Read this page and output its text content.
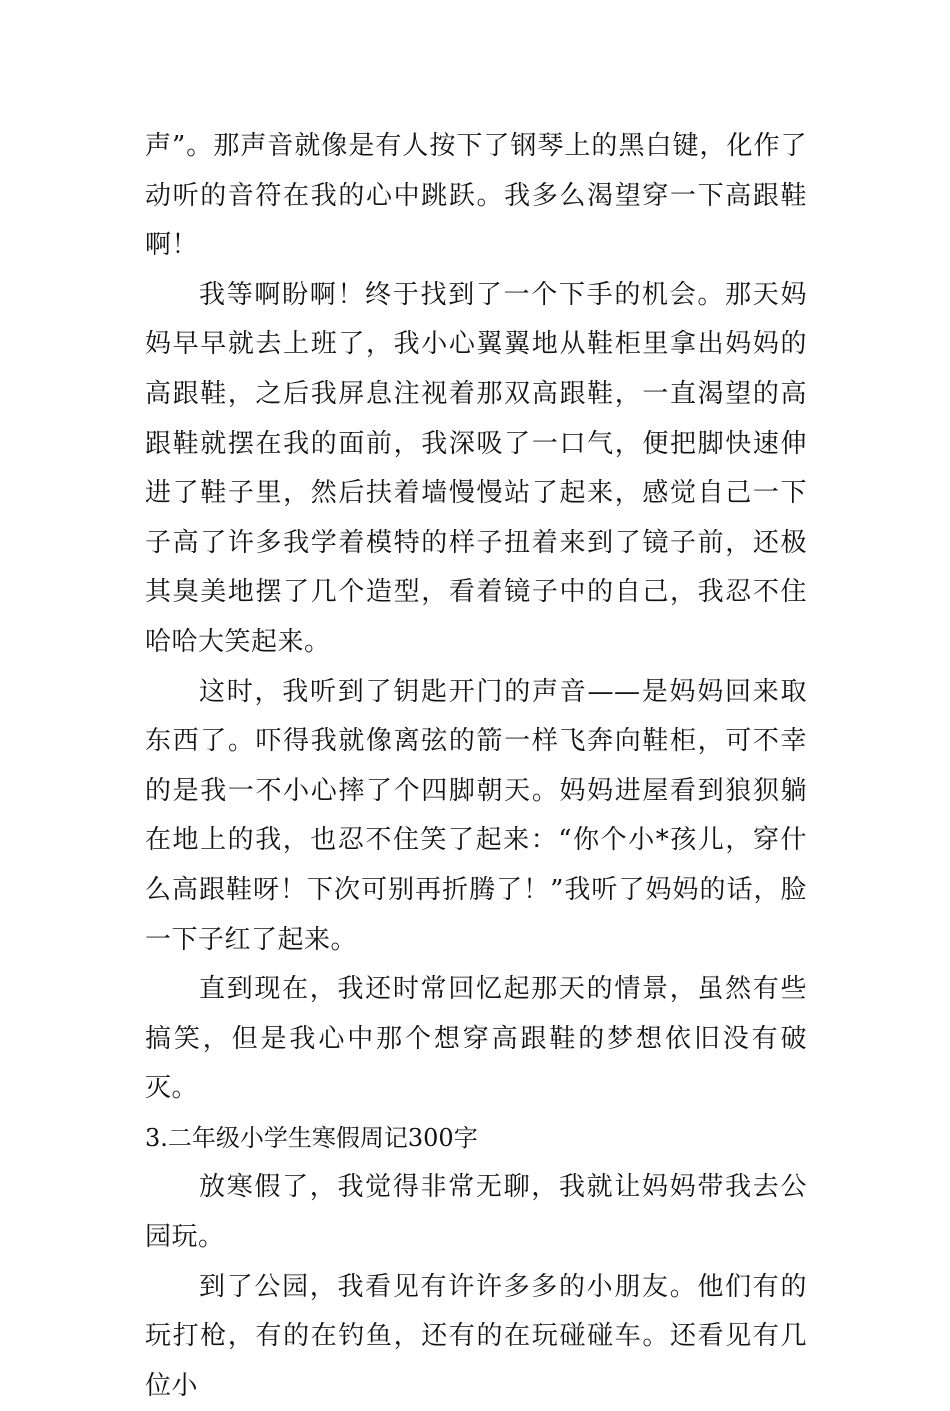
声”。那声音就像是有人按下了钢琴上的黑白键，化作了动听的音符在我的心中跳跃。我多么渴望穿一下高跟鞋啊！

我等啊盼啊！终于找到了一个下手的机会。那天妈妈早早就去上班了，我小心翼翼地从鞋柜里拿出妈妈的高跟鞋，之后我屏息注视着那双高跟鞋，一直渴望的高跟鞋就摆在我的面前，我深吸了一口气，便把脚快速伸进了鞋子里，然后扶着墙慢慢站了起来，感觉自己一下子高了许多我学着模特的样子扭着来到了镜子前，还极其臭美地摆了几个造型，看着镜子中的自己，我忍不住哈哈大笑起来。

这时，我听到了钥匙开门的声音——是妈妈回来取东西了。吓得我就像离弦的箭一样飞奔向鞋柜，可不幸的是我一不小心摔了个四脚朝天。妈妈进屋看到狼狈躺在地上的我，也忍不住笑了起来：“你个小*孩儿，穿什么高跟鞋呀！下次可别再折腾了！”我听了妈妈的话，脸一下子红了起来。

直到现在，我还时常回忆起那天的情景，虽然有些搞笑，但是我心中那个想穿高跟鞋的梦想依旧没有破灭。

3.二年级小学生寒假周记300字

放寒假了，我觉得非常无聊，我就让妈妈带我去公园玩。

到了公园，我看见有许许多多的小朋友。他们有的玩打枪，有的在钓鱼，还有的在玩碰碰车。还看见有几位小
